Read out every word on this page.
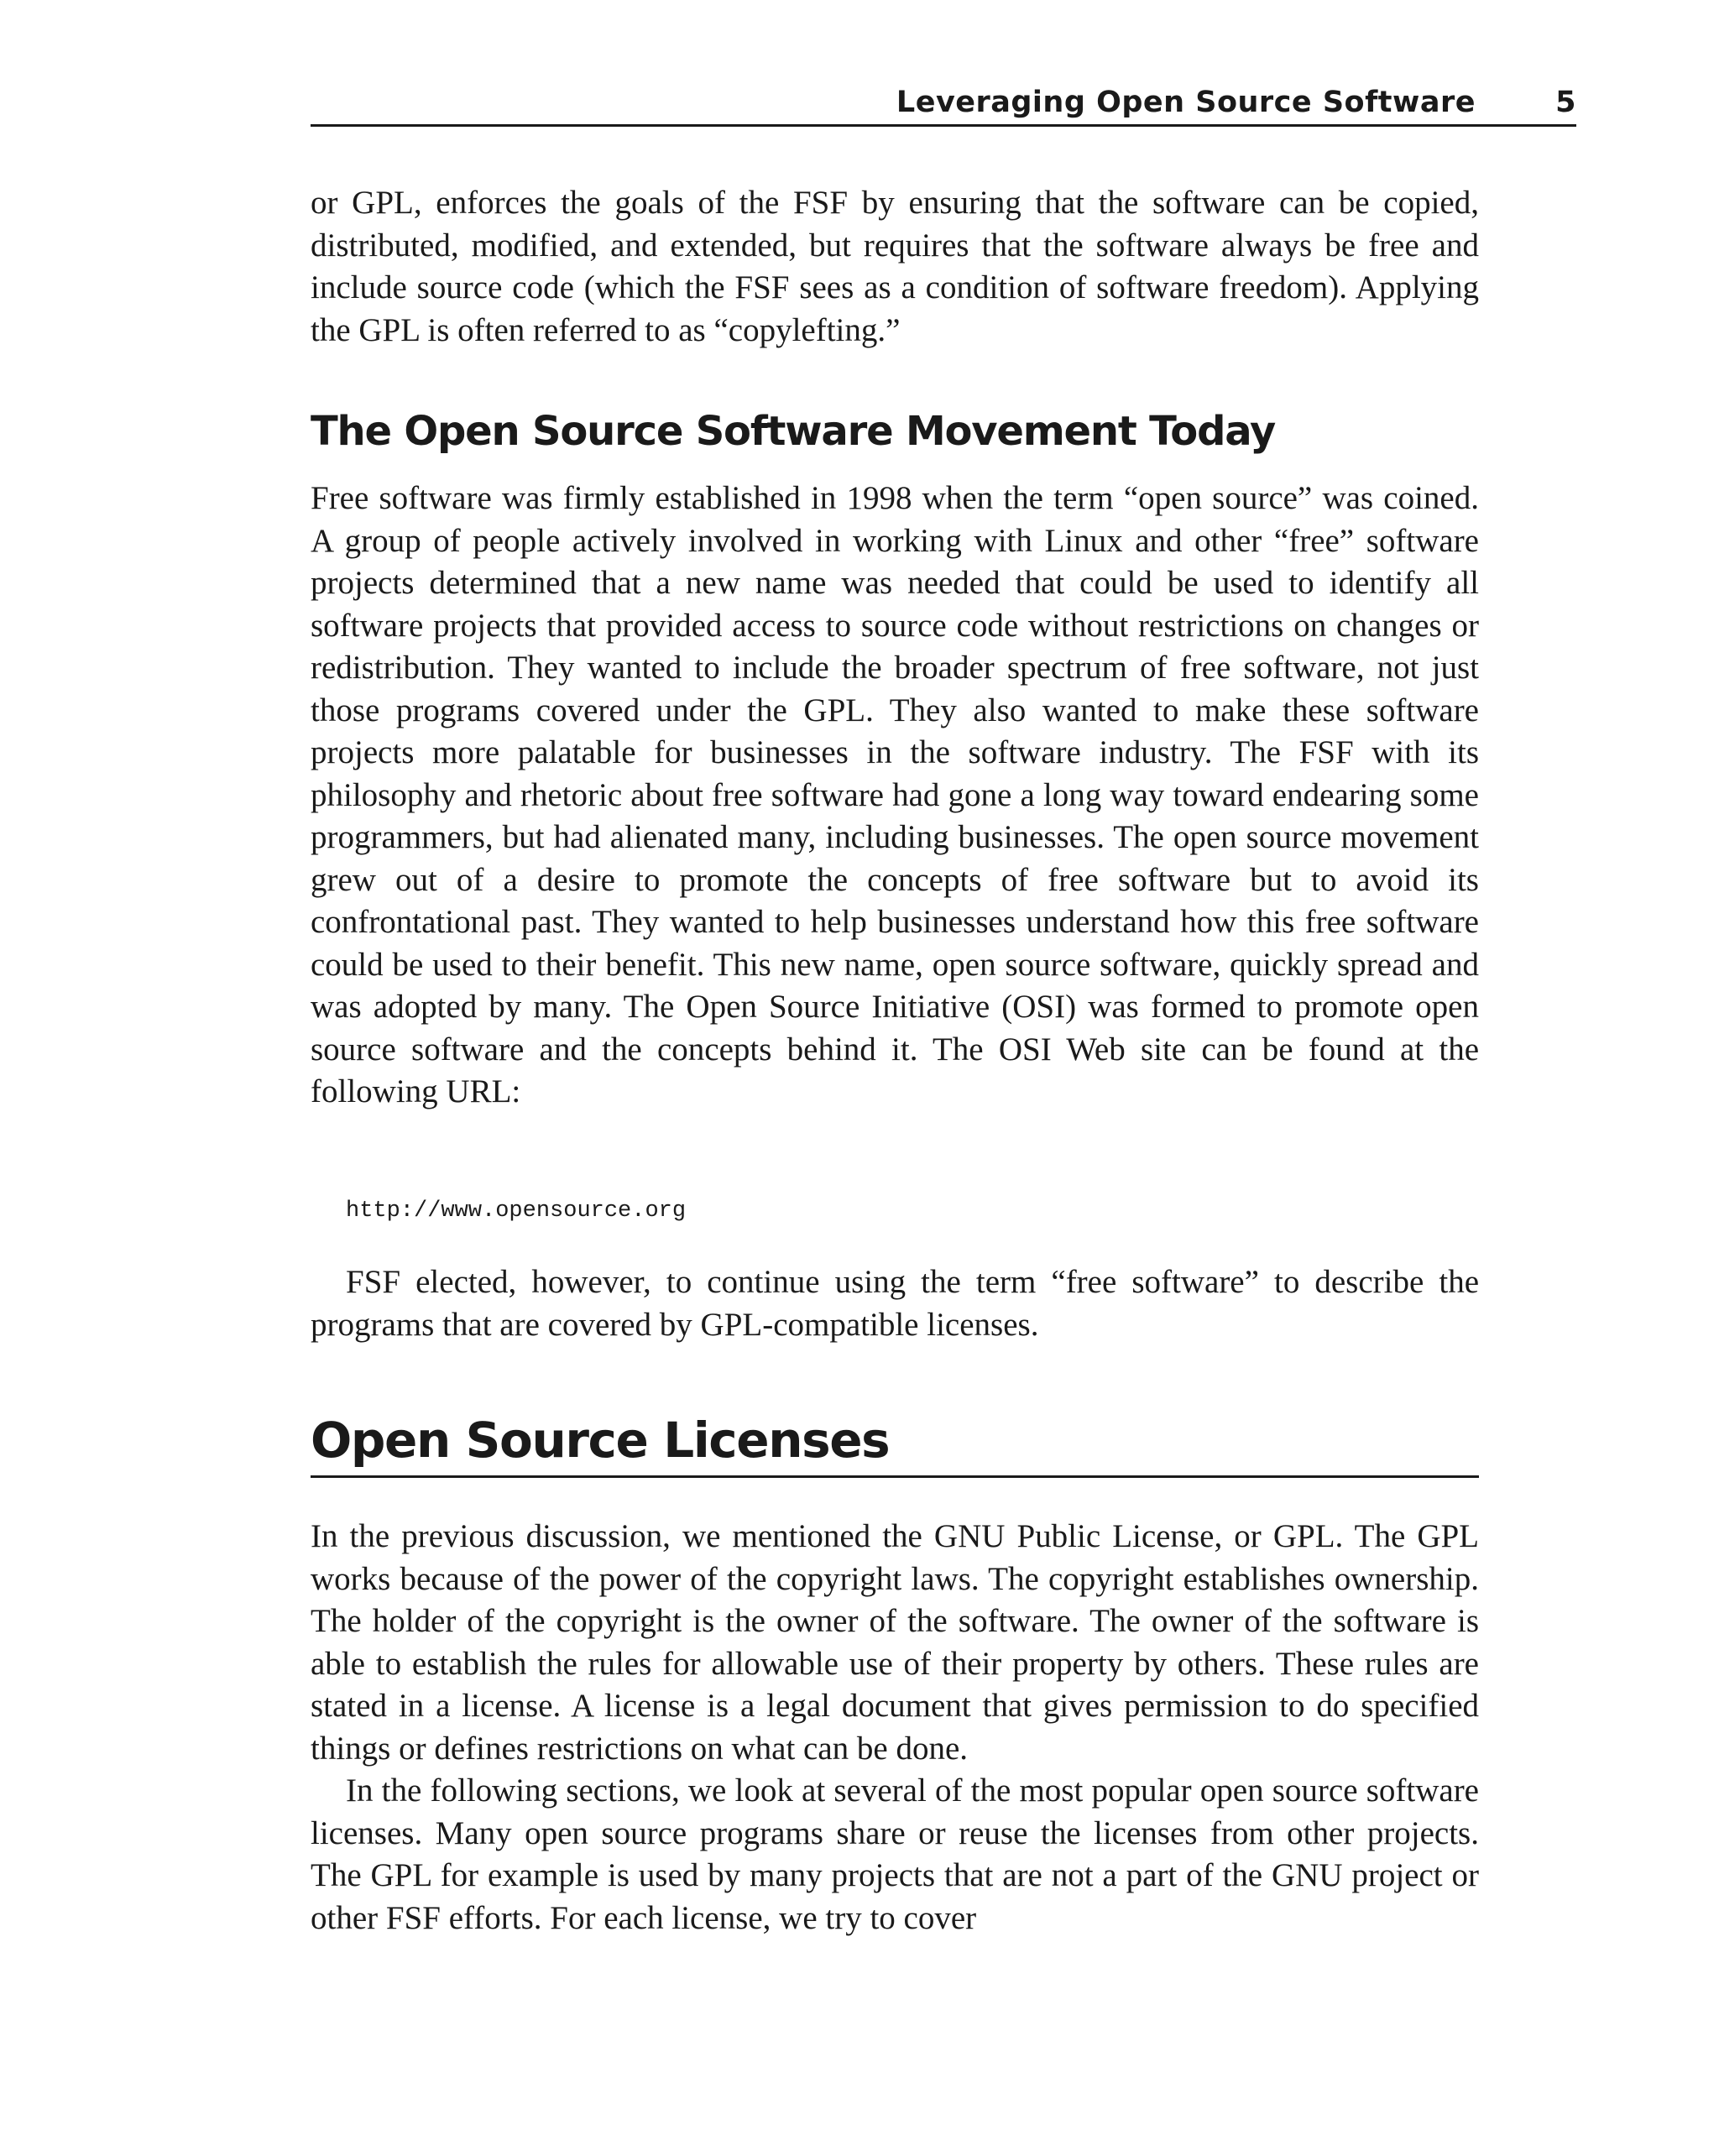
Leveraging Open Source Software	5

or GPL, enforces the goals of the FSF by ensuring that the software can be copied, distributed, modified, and extended, but requires that the software always be free and include source code (which the FSF sees as a condition of software freedom). Applying the GPL is often referred to as “copylefting.”

The Open Source Software Movement Today

Free software was firmly established in 1998 when the term “open source” was coined. A group of people actively involved in working with Linux and other “free” software projects determined that a new name was needed that could be used to identify all software projects that provided access to source code without restrictions on changes or redistribution. They wanted to include the broader spectrum of free software, not just those programs covered under the GPL. They also wanted to make these software projects more palatable for businesses in the software industry. The FSF with its philosophy and rhetoric about free software had gone a long way toward endearing some programmers, but had alienated many, including businesses. The open source movement grew out of a desire to promote the concepts of free software but to avoid its confrontational past. They wanted to help businesses understand how this free software could be used to their benefit. This new name, open source software, quickly spread and was adopted by many. The Open Source Initiative (OSI) was formed to promote open source software and the concepts behind it. The OSI Web site can be found at the following URL:

http://www.opensource.org

FSF elected, however, to continue using the term “free software” to describe the programs that are covered by GPL-compatible licenses.

Open Source Licenses

In the previous discussion, we mentioned the GNU Public License, or GPL. The GPL works because of the power of the copyright laws. The copyright establishes ownership. The holder of the copyright is the owner of the software. The owner of the software is able to establish the rules for allowable use of their property by others. These rules are stated in a license. A license is a legal document that gives permission to do specified things or defines restrictions on what can be done.

In the following sections, we look at several of the most popular open source software licenses. Many open source programs share or reuse the licenses from other projects. The GPL for example is used by many projects that are not a part of the GNU project or other FSF efforts. For each license, we try to cover
